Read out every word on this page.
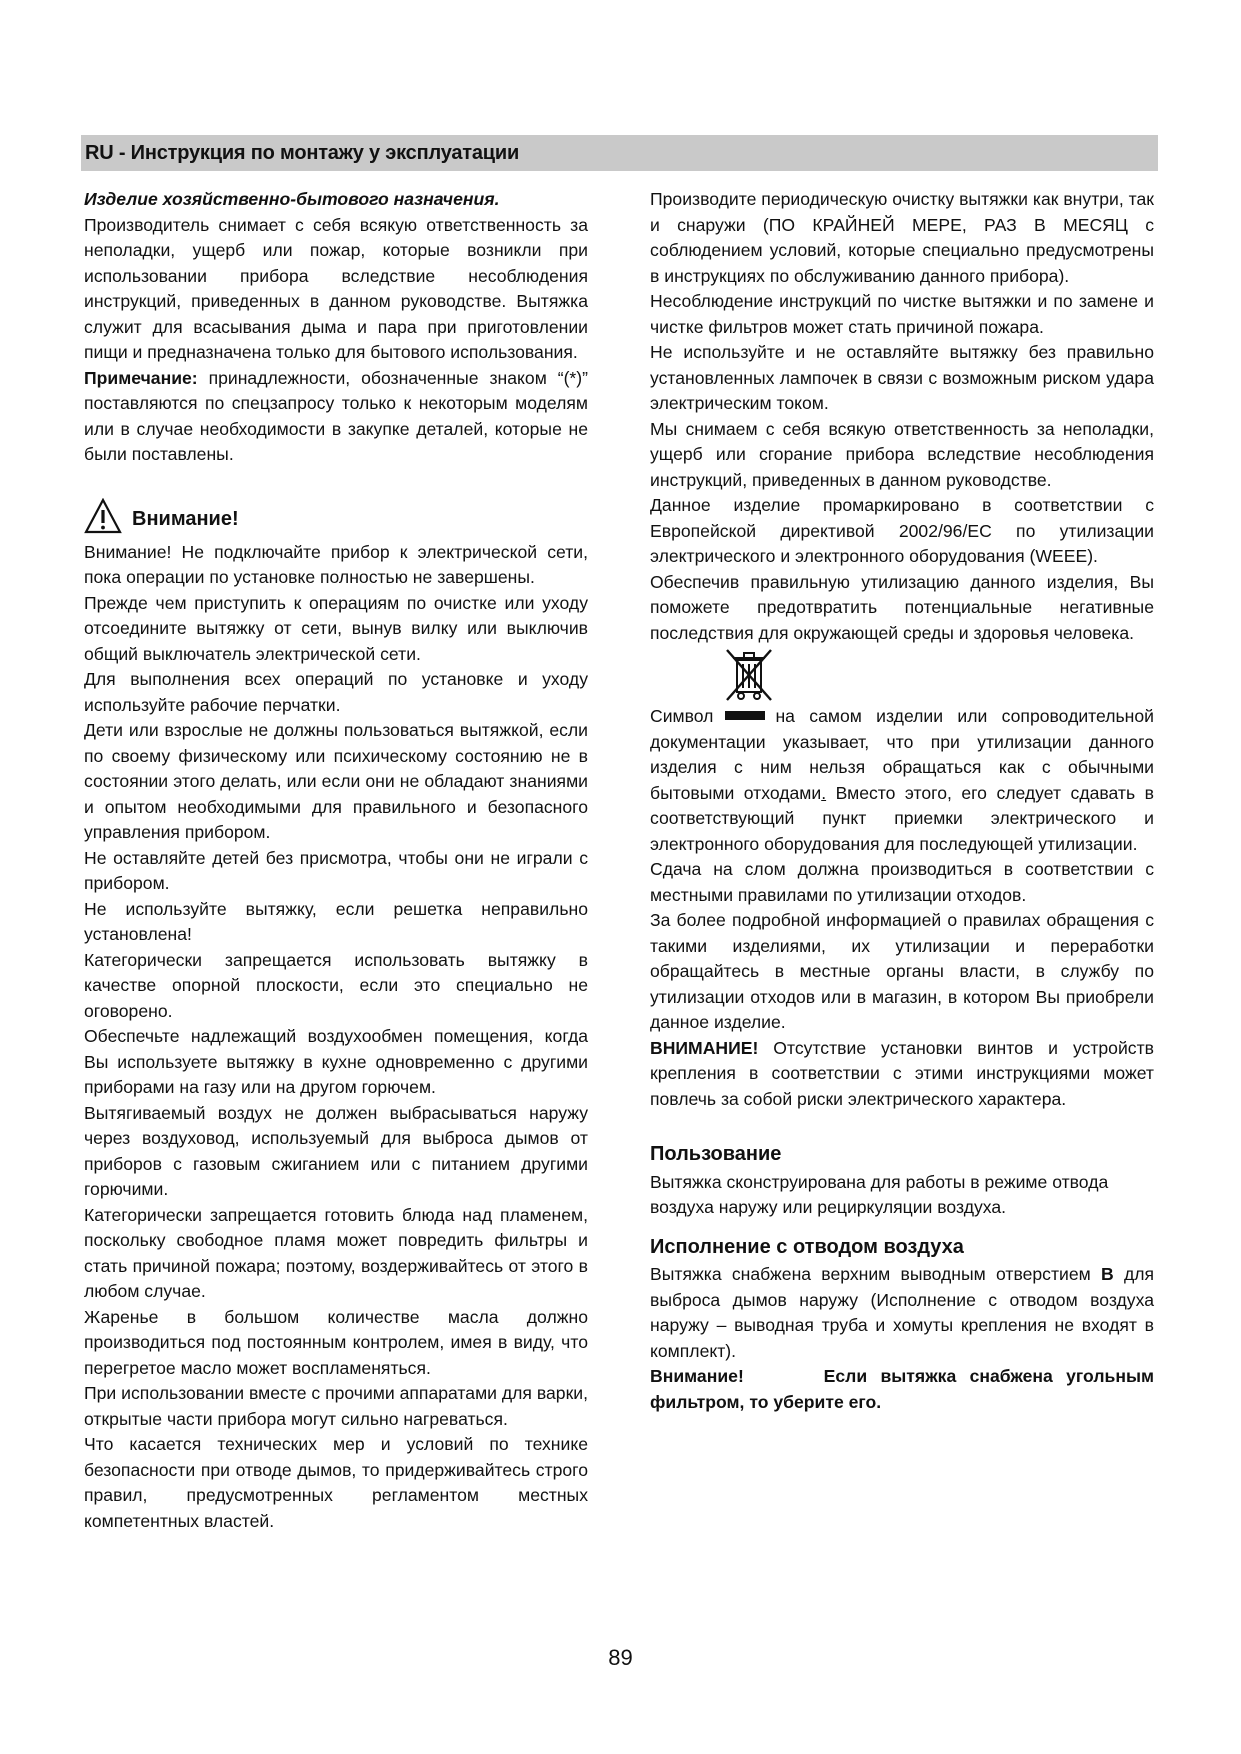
RU - Инструкция по монтажу у эксплуатации

Изделие хозяйственно-бытового назначения.

Производитель снимает с себя всякую ответственность за неполадки, ущерб или пожар, которые возникли при использовании прибора вследствие несоблюдения инструкций, приведенных в данном руководстве. Вытяжка служит для всасывания дыма и пара при приготовлении пищи и предназначена только для бытового использования.

Примечание: принадлежности, обозначенные знаком “(*)” поставляются по спецзапросу только к некоторым моделям или в случае необходимости в закупке деталей, которые не были поставлены.

Внимание!

Внимание! Не подключайте прибор к электрической сети, пока операции по установке полностью не завершены.

Прежде чем приступить к операциям по очистке или уходу отсоедините вытяжку от сети, вынув вилку или выключив общий выключатель электрической сети.

Для выполнения всех операций по установке и уходу используйте рабочие перчатки.

Дети или взрослые не должны пользоваться вытяжкой, если по своему физическому или психическому состоянию не в состоянии этого делать, или если они не обладают знаниями и опытом необходимыми для правильного и безопасного управления прибором.

Не оставляйте детей без присмотра, чтобы они не играли с прибором.

Не используйте вытяжку, если решетка неправильно установлена!

Категорически запрещается использовать вытяжку в качестве опорной плоскости, если это специально не оговорено.

Обеспечьте надлежащий воздухообмен помещения, когда Вы используете вытяжку в кухне одновременно с другими приборами на газу или на другом горючем.

Вытягиваемый воздух не должен выбрасываться наружу через воздуховод, используемый для выброса дымов от приборов с газовым сжиганием или с питанием другими горючими.

Категорически запрещается готовить блюда над пламенем, поскольку свободное пламя может повредить фильтры и стать причиной пожара; поэтому, воздерживайтесь от этого в любом случае.

Жаренье в большом количестве масла должно производиться под постоянным контролем, имея в виду, что перегретое масло может воспламеняться.

При использовании вместе с прочими аппаратами для варки, открытые части прибора могут сильно нагреваться.

Что касается технических мер и условий по технике безопасности при отводе дымов, то придерживайтесь строго правил, предусмотренных регламентом местных компетентных властей.

Производите периодическую очистку вытяжки как внутри, так и снаружи (ПО КРАЙНЕЙ МЕРЕ, РАЗ В МЕСЯЦ с соблюдением условий, которые специально предусмотрены в инструкциях по обслуживанию данного прибора).

Несоблюдение инструкций по чистке вытяжки и по замене и чистке фильтров может стать причиной пожара.

Не используйте и не оставляйте вытяжку без правильно установленных лампочек в связи с возможным риском удара электрическим током.

Мы снимаем с себя всякую ответственность за неполадки, ущерб или сгорание прибора вследствие несоблюдения инструкций, приведенных в данном руководстве.

Данное изделие промаркировано в соответствии с Европейской директивой 2002/96/EC по утилизации электрического и электронного оборудования (WEEE).

Обеспечив правильную утилизацию данного изделия, Вы поможете предотвратить потенциальные негативные последствия для окружающей среды и здоровья человека.

Символ	на самом изделии или сопроводительной документации указывает, что при утилизации данного изделия с ним нельзя обращаться как с обычными бытовыми отходами. Вместо этого, его следует сдавать в соответствующий пункт приемки электрического и электронного оборудования для последующей утилизации.

Сдача на слом должна производиться в соответствии с местными правилами по утилизации отходов.

За более подробной информацией о правилах обращения с такими изделиями, их утилизации и переработки обращайтесь в местные органы власти, в службу по утилизации отходов или в магазин, в котором Вы приобрели данное изделие.

ВНИМАНИЕ! Отсутствие установки винтов и устройств крепления в соответствии с этими инструкциями может повлечь за собой риски электрического характера.

Пользование

Вытяжка сконструирована для работы в режиме отвода воздуха наружу или рециркуляции воздуха.

Исполнение с отводом воздуха

Вытяжка снабжена верхним выводным отверстием B для выброса дымов наружу (Исполнение с отводом воздуха наружу – выводная труба и хомуты крепления не входят в комплект).

Внимание!      Если вытяжка снабжена угольным фильтром, то уберите его.

89
